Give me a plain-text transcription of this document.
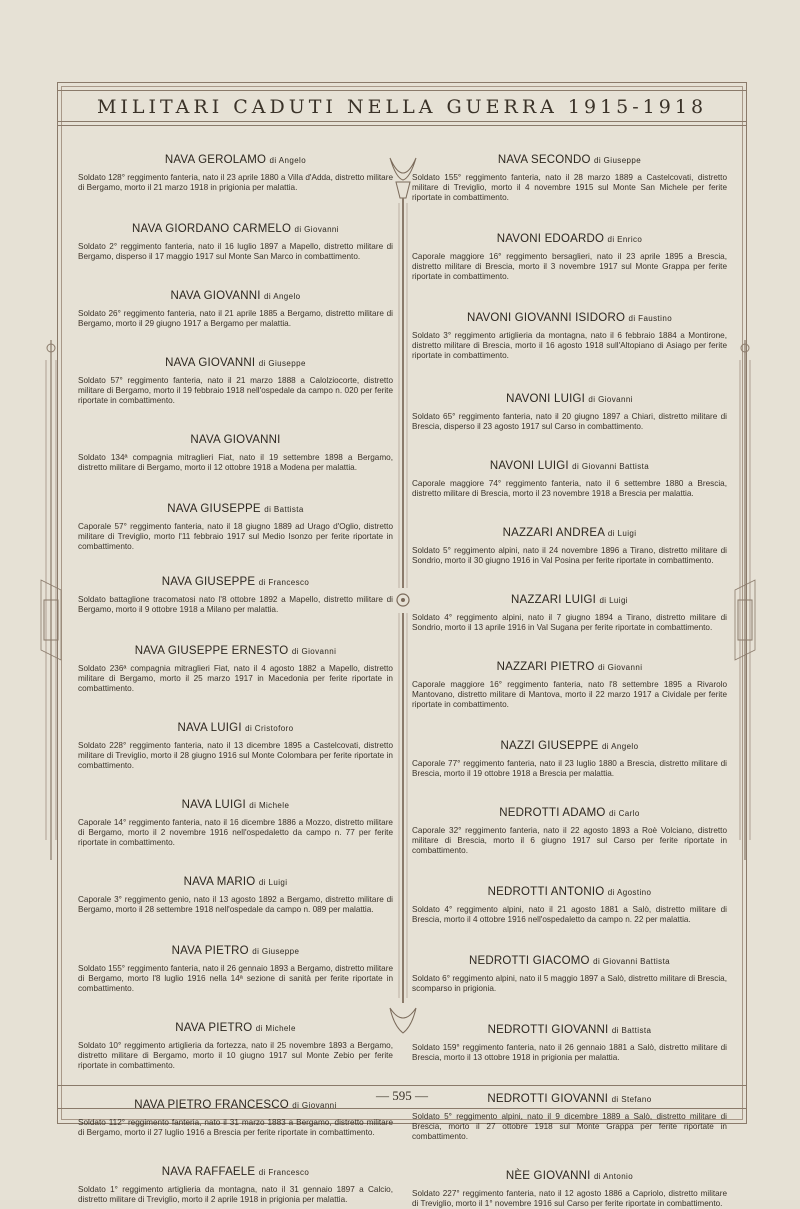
MILITARI CADUTI NELLA GUERRA 1915-1918
NAVA GEROLAMO di Angelo

Soldato 128° reggimento fanteria, nato il 23 aprile 1880 a Villa d'Adda, distretto militare di Bergamo, morto il 21 marzo 1918 in prigionia per malattia.

NAVA GIORDANO CARMELO di Giovanni

Soldato 2° reggimento fanteria, nato il 16 luglio 1897 a Mapello, distretto militare di Bergamo, disperso il 17 maggio 1917 sul Monte San Marco in combattimento.

NAVA GIOVANNI di Angelo

Soldato 26° reggimento fanteria, nato il 21 aprile 1885 a Bergamo, distretto militare di Bergamo, morto il 29 giugno 1917 a Bergamo per malattia.

NAVA GIOVANNI di Giuseppe

Soldato 57° reggimento fanteria, nato il 21 marzo 1888 a Calolziocorte, distretto militare di Bergamo, morto il 19 febbraio 1918 nell'ospedale da campo n. 020 per ferite riportate in combattimento.

NAVA GIOVANNI

Soldato 134ª compagnia mitraglieri Fiat, nato il 19 settembre 1898 a Bergamo, distretto militare di Bergamo, morto il 12 ottobre 1918 a Modena per malattia.

NAVA GIUSEPPE di Battista

Caporale 57° reggimento fanteria, nato il 18 giugno 1889 ad Urago d'Oglio, distretto militare di Treviglio, morto l'11 febbraio 1917 sul Medio Isonzo per ferite riportate in combattimento.

NAVA GIUSEPPE di Francesco

Soldato battaglione tracomatosi nato l'8 ottobre 1892 a Mapello, distretto militare di Bergamo, morto il 9 ottobre 1918 a Milano per malattia.

NAVA GIUSEPPE ERNESTO di Giovanni

Soldato 236ª compagnia mitraglieri Fiat, nato il 4 agosto 1882 a Mapello, distretto militare di Bergamo, morto il 25 marzo 1917 in Macedonia per ferite riportate in combattimento.

NAVA LUIGI di Cristoforo

Soldato 228° reggimento fanteria, nato il 13 dicembre 1895 a Castelcovati, distretto militare di Treviglio, morto il 28 giugno 1916 sul Monte Colombara per ferite riportate in combattimento.

NAVA LUIGI di Michele

Caporale 14° reggimento fanteria, nato il 16 dicembre 1886 a Mozzo, distretto militare di Bergamo, morto il 2 novembre 1916 nell'ospedaletto da campo n. 77 per ferite riportate in combattimento.

NAVA MARIO di Luigi

Caporale 3° reggimento genio, nato il 13 agosto 1892 a Bergamo, distretto militare di Bergamo, morto il 28 settembre 1918 nell'ospedale da campo n. 089 per malattia.

NAVA PIETRO di Giuseppe

Soldato 155° reggimento fanteria, nato il 26 gennaio 1893 a Bergamo, distretto militare di Bergamo, morto l'8 luglio 1916 nella 14ª sezione di sanità per ferite riportate in combattimento.

NAVA PIETRO di Michele

Soldato 10° reggimento artiglieria da fortezza, nato il 25 novembre 1893 a Bergamo, distretto militare di Bergamo, morto il 10 giugno 1917 sul Monte Zebio per ferite riportate in combattimento.

NAVA PIETRO FRANCESCO di Giovanni

Soldato 112° reggimento fanteria, nato il 31 marzo 1883 a Bergamo, distretto militare di Bergamo, morto il 27 luglio 1916 a Brescia per ferite riportate in combattimento.

NAVA RAFFAELE di Francesco

Soldato 1° reggimento artiglieria da montagna, nato il 31 gennaio 1897 a Calcio, distretto militare di Treviglio, morto il 2 aprile 1918 in prigionia per malattia.

NAVA SECONDO di Giuseppe

Soldato 155° reggimento fanteria, nato il 28 marzo 1889 a Castelcovati, distretto militare di Treviglio, morto il 4 novembre 1915 sul Monte San Michele per ferite riportate in combattimento.

NAVONI EDOARDO di Enrico

Caporale maggiore 16° reggimento bersaglieri, nato il 23 aprile 1895 a Brescia, distretto militare di Brescia, morto il 3 novembre 1917 sul Monte Grappa per ferite riportate in combattimento.

NAVONI GIOVANNI ISIDORO di Faustino

Soldato 3° reggimento artiglieria da montagna, nato il 6 febbraio 1884 a Montirone, distretto militare di Brescia, morto il 16 agosto 1918 sull'Altopiano di Asiago per ferite riportate in combattimento.

NAVONI LUIGI di Giovanni

Soldato 65° reggimento fanteria, nato il 20 giugno 1897 a Chiari, distretto militare di Brescia, disperso il 23 agosto 1917 sul Carso in combattimento.

NAVONI LUIGI di Giovanni Battista

Caporale maggiore 74° reggimento fanteria, nato il 6 settembre 1880 a Brescia, distretto militare di Brescia, morto il 23 novembre 1918 a Brescia per malattia.

NAZZARI ANDREA di Luigi

Soldato 5° reggimento alpini, nato il 24 novembre 1896 a Tirano, distretto militare di Sondrio, morto il 30 giugno 1916 in Val Posina per ferite riportate in combattimento.

NAZZARI LUIGI di Luigi

Soldato 4° reggimento alpini, nato il 7 giugno 1894 a Tirano, distretto militare di Sondrio, morto il 13 aprile 1916 in Val Sugana per ferite riportate in combattimento.

NAZZARI PIETRO di Giovanni

Caporale maggiore 16° reggimento fanteria, nato l'8 settembre 1895 a Rivarolo Mantovano, distretto militare di Mantova, morto il 22 marzo 1917 a Cividale per ferite riportate in combattimento.

NAZZI GIUSEPPE di Angelo

Caporale 77° reggimento fanteria, nato il 23 luglio 1880 a Brescia, distretto militare di Brescia, morto il 19 ottobre 1918 a Brescia per malattia.

NEDROTTI ADAMO di Carlo

Caporale 32° reggimento fanteria, nato il 22 agosto 1893 a Roè Volciano, distretto militare di Brescia, morto il 6 giugno 1917 sul Carso per ferite riportate in combattimento.

NEDROTTI ANTONIO di Agostino

Soldato 4° reggimento alpini, nato il 21 agosto 1881 a Salò, distretto militare di Brescia, morto il 4 ottobre 1916 nell'ospedaletto da campo n. 22 per malattia.

NEDROTTI GIACOMO di Giovanni Battista

Soldato 6° reggimento alpini, nato il 5 maggio 1897 a Salò, distretto militare di Brescia, scomparso in prigionia.

NEDROTTI GIOVANNI di Battista

Soldato 159° reggimento fanteria, nato il 26 gennaio 1881 a Salò, distretto militare di Brescia, morto il 13 ottobre 1918 in prigionia per malattia.

NEDROTTI GIOVANNI di Stefano

Soldato 5° reggimento alpini, nato il 9 dicembre 1889 a Salò, distretto militare di Brescia, morto il 27 ottobre 1918 sul Monte Grappa per ferite riportate in combattimento.

NÈE GIOVANNI di Antonio

Soldato 227° reggimento fanteria, nato il 12 agosto 1886 a Capriolo, distretto militare di Treviglio, morto il 1° novembre 1916 sul Carso per ferite riportate in combattimento.

— 595 —
